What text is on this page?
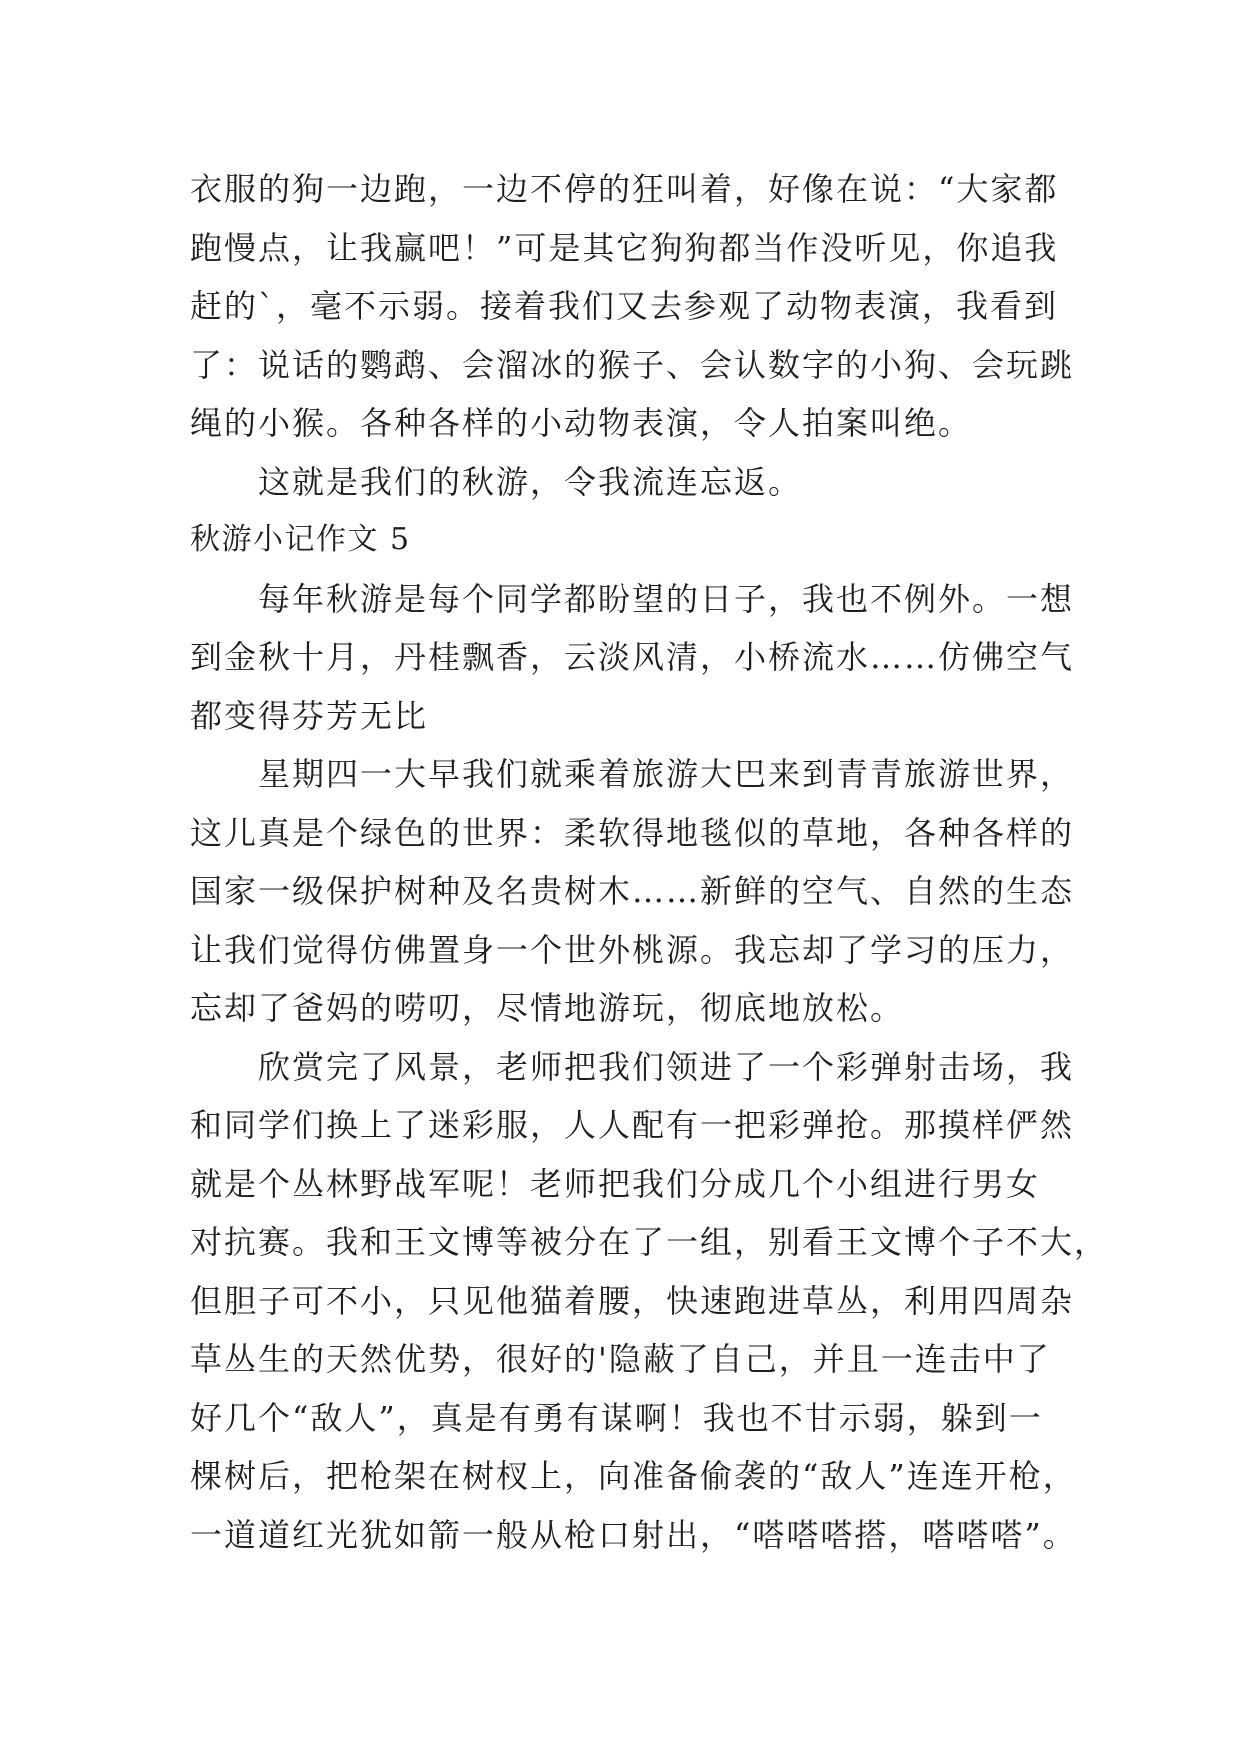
衣服的狗一边跑，一边不停的狂叫着，好像在说：“大家都
跑慢点，让我赢吧！”可是其它狗狗都当作没听见，你追我
赶的`，毫不示弱。接着我们又去参观了动物表演，我看到
了：说话的鹦鹉、会溜冰的猴子、会认数字的小狗、会玩跳
绳的小猴。各种各样的小动物表演，令人拍案叫绝。
这就是我们的秋游，令我流连忘返。
秋游小记作文 5
每年秋游是每个同学都盼望的日子，我也不例外。一想
到金秋十月，丹桂飘香，云淡风清，小桥流水……仿佛空气
都变得芬芳无比
星期四一大早我们就乘着旅游大巴来到青青旅游世界，
这儿真是个绿色的世界：柔软得地毯似的草地，各种各样的
国家一级保护树种及名贵树木……新鲜的空气、自然的生态
让我们觉得仿佛置身一个世外桃源。我忘却了学习的压力，
忘却了爸妈的唠叨，尽情地游玩，彻底地放松。
欣赏完了风景，老师把我们领进了一个彩弹射击场，我
和同学们换上了迷彩服，人人配有一把彩弹抢。那摸样俨然
就是个丛林野战军呢！老师把我们分成几个小组进行男女
对抗赛。我和王文博等被分在了一组，别看王文博个子不大，
但胆子可不小，只见他猫着腰，快速跑进草丛，利用四周杂
草丛生的天然优势，很好的'隐蔽了自己，并且一连击中了
好几个“敌人”，真是有勇有谋啊！我也不甘示弱，躲到一
棵树后，把枪架在树杈上，向准备偷袭的“敌人”连连开枪，
一道道红光犹如箭一般从枪口射出，“嗒嗒嗒搭，嗒嗒嗒”。
